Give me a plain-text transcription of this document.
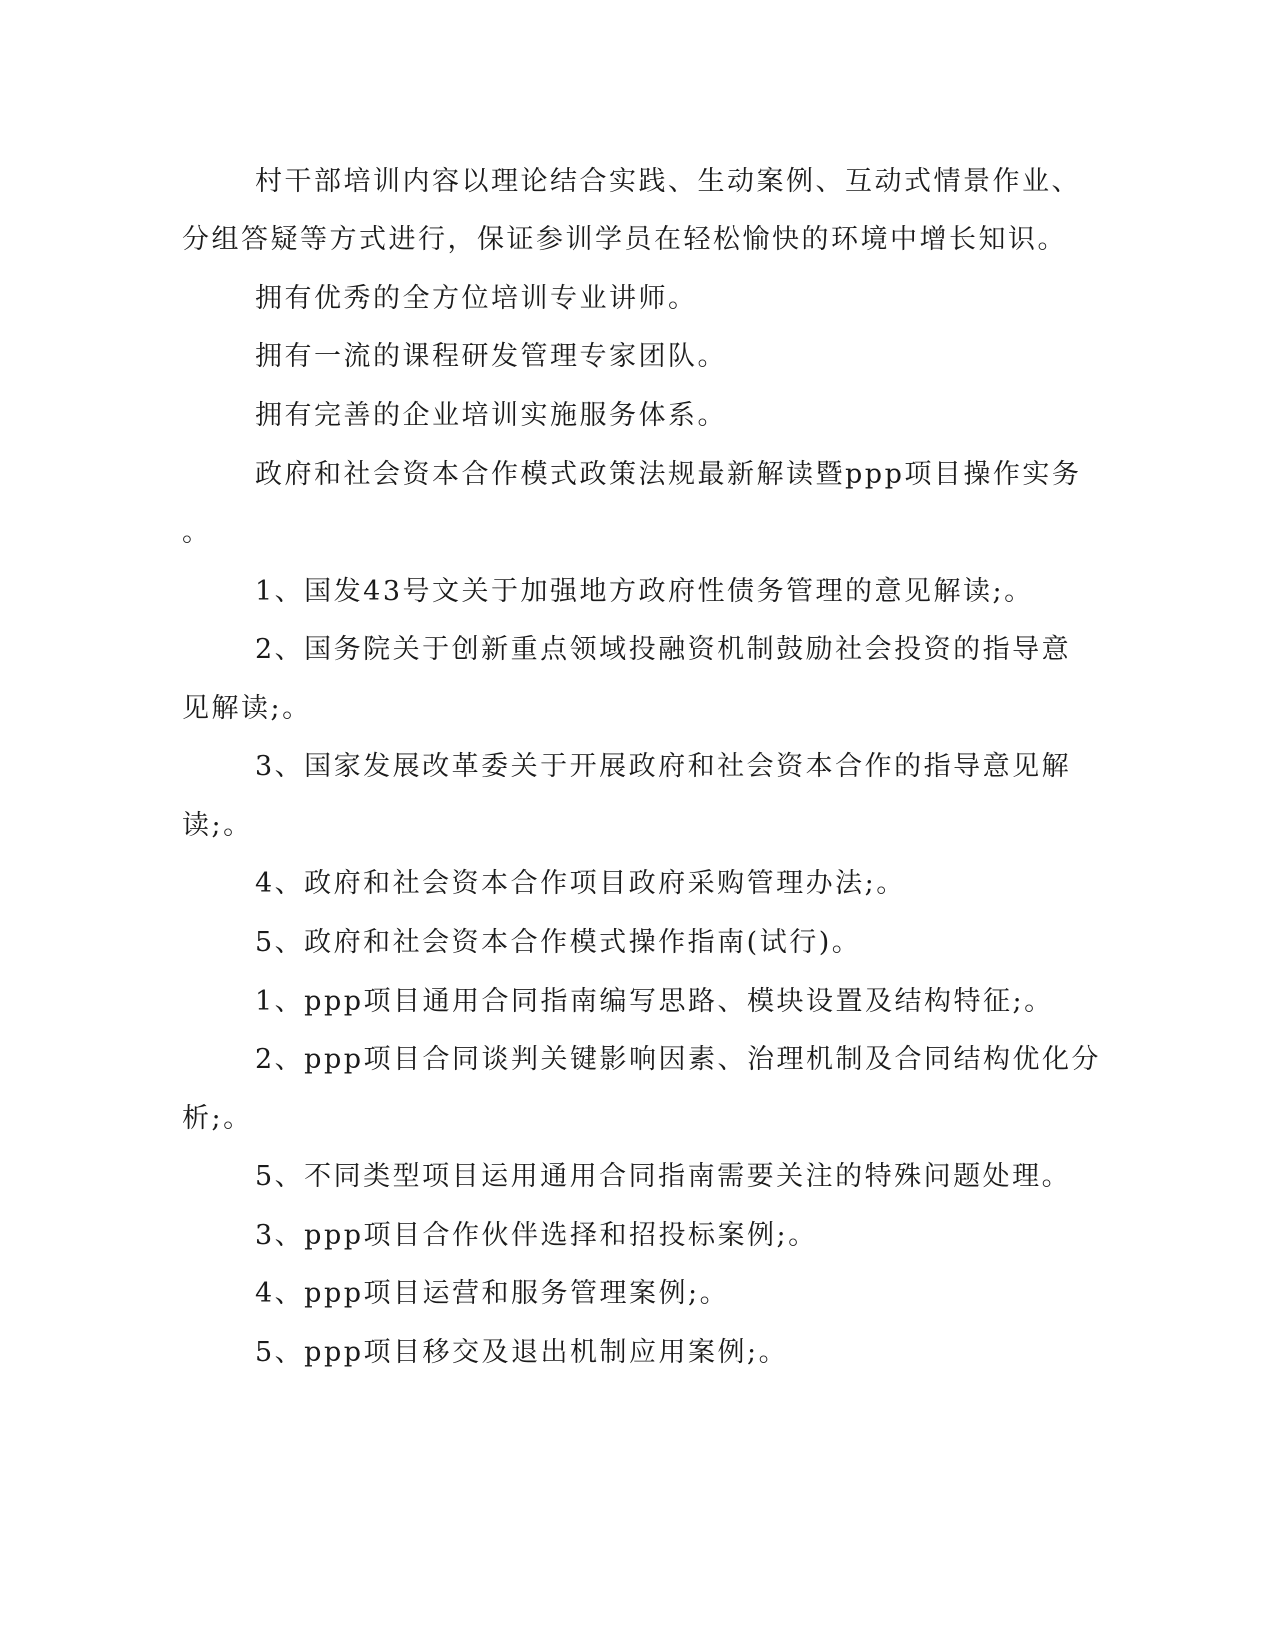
村干部培训内容以理论结合实践、生动案例、互动式情景作业、
分组答疑等方式进行，保证参训学员在轻松愉快的环境中增长知识。
拥有优秀的全方位培训专业讲师。
拥有一流的课程研发管理专家团队。
拥有完善的企业培训实施服务体系。
政府和社会资本合作模式政策法规最新解读暨ppp项目操作实务
。
1、国发43号文关于加强地方政府性债务管理的意见解读;。
2、国务院关于创新重点领域投融资机制鼓励社会投资的指导意
见解读;。
3、国家发展改革委关于开展政府和社会资本合作的指导意见解
读;。
4、政府和社会资本合作项目政府采购管理办法;。
5、政府和社会资本合作模式操作指南(试行)。
1、ppp项目通用合同指南编写思路、模块设置及结构特征;。
2、ppp项目合同谈判关键影响因素、治理机制及合同结构优化分
析;。
5、不同类型项目运用通用合同指南需要关注的特殊问题处理。
3、ppp项目合作伙伴选择和招投标案例;。
4、ppp项目运营和服务管理案例;。
5、ppp项目移交及退出机制应用案例;。
